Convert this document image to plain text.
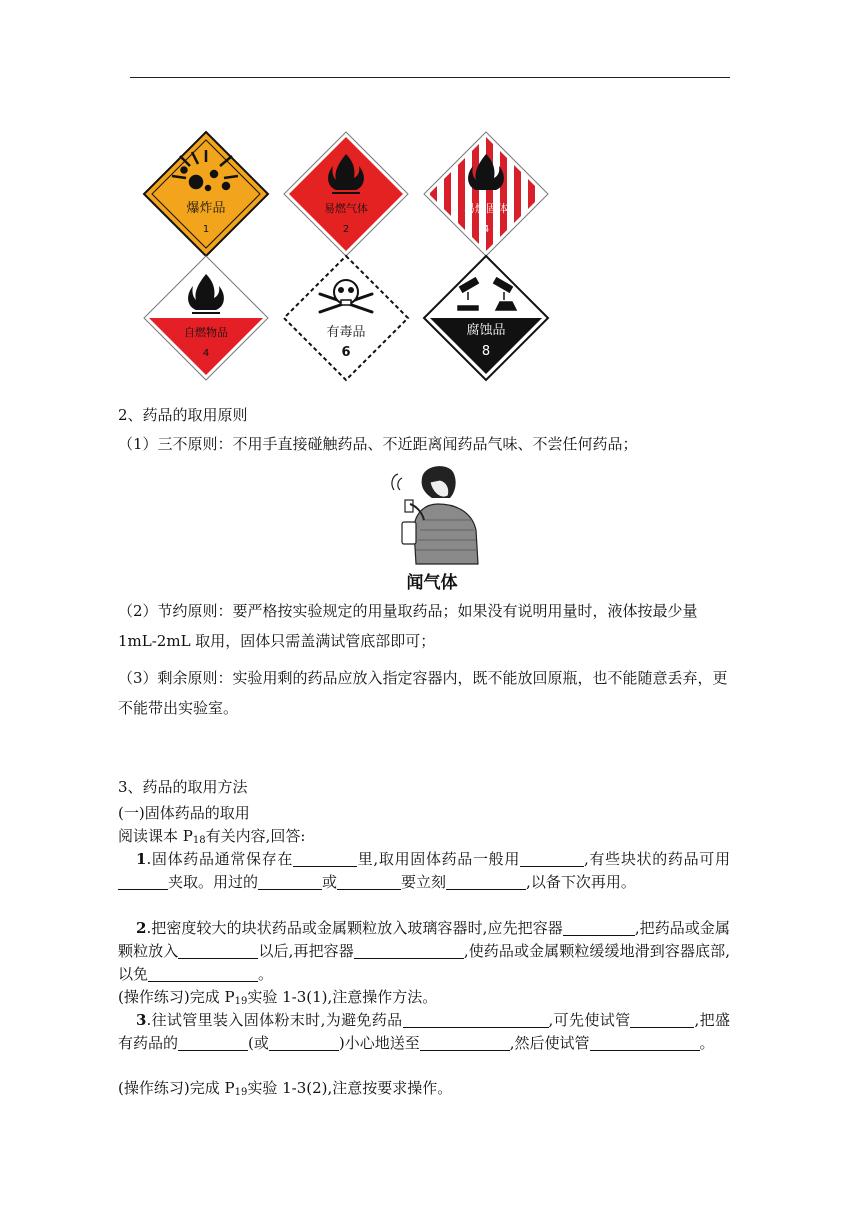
爆炸品
1
易燃气体
2
易燃固体
4
自燃物品
4
有毒品
6
腐蚀品
8
2、药品的取用原则
（1）三不原则：不用手直接碰触药品、不近距离闻药品气味、不尝任何药品；
闻气体
（2）节约原则：要严格按实验规定的用量取药品；如果没有说明用量时，液体按最少量 1mL-2mL 取用，固体只需盖满试管底部即可；
（3）剩余原则：实验用剩的药品应放入指定容器内，既不能放回原瓶，也不能随意丢弃，更不能带出实验室。
3、药品的取用方法
(一)固体药品的取用
阅读课本 $P_{18}$有关内容,回答:
1.固体药品通常保存在	里,取用固体药品一般用	,有些块状的药品可用夹取。用过的	或	要立刻	,以备下次再用。
2.把密度较大的块状药品或金属颗粒放入玻璃容器时,应先把容器	,把药品或金属颗粒放入	以后,再把容器	,使药品或金属颗粒缓缓地滑到容器底部,以免	。
(操作练习)完成 $P_{19}$实验 1-3(1),注意操作方法。
3.往试管里装入固体粉末时,为避免药品	,可先使试管	,把盛有药品的	(或	)小心地送至	,然后使试管	。
(操作练习)完成 $P_{19}$实验 1-3(2),注意按要求操作。
